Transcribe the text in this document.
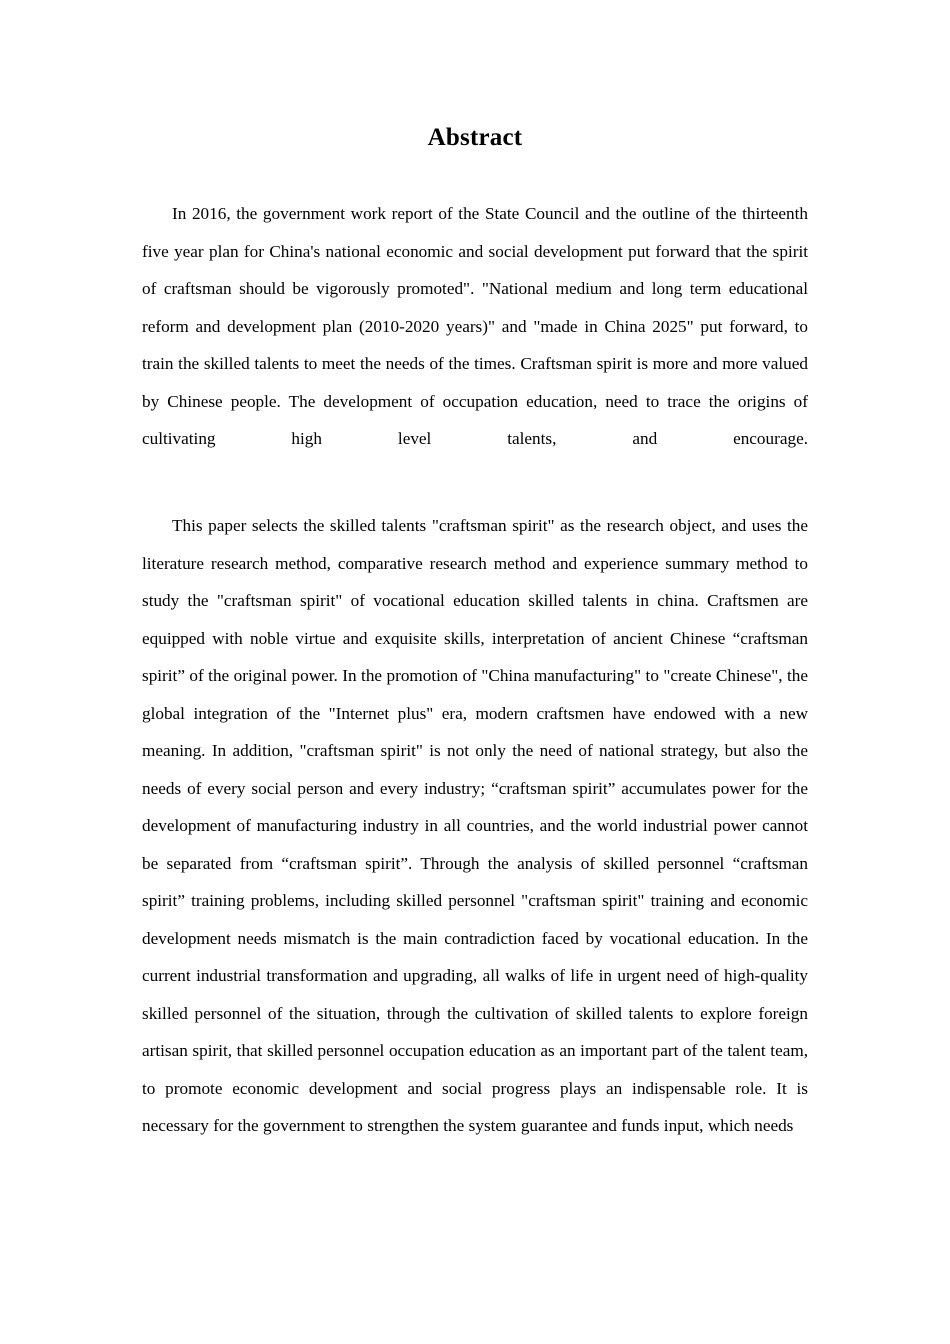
Abstract

In 2016, the government work report of the State Council and the outline of the thirteenth five year plan for China's national economic and social development put forward that the spirit of craftsman should be vigorously promoted". "National medium and long term educational reform and development plan (2010-2020 years)" and "made in China 2025" put forward, to train the skilled talents to meet the needs of the times. Craftsman spirit is more and more valued by Chinese people. The development of occupation education, need to trace the origins of cultivating high level talents, and encourage.

This paper selects the skilled talents "craftsman spirit" as the research object, and uses the literature research method, comparative research method and experience summary method to study the "craftsman spirit" of vocational education skilled talents in china. Craftsmen are equipped with noble virtue and exquisite skills, interpretation of ancient Chinese “craftsman spirit” of the original power. In the promotion of "China manufacturing" to "create Chinese", the global integration of the "Internet plus" era, modern craftsmen have endowed with a new meaning. In addition, "craftsman spirit" is not only the need of national strategy, but also the needs of every social person and every industry; “craftsman spirit” accumulates power for the development of manufacturing industry in all countries, and the world industrial power cannot be separated from “craftsman spirit”. Through the analysis of skilled personnel “craftsman spirit” training problems, including skilled personnel "craftsman spirit" training and economic development needs mismatch is the main contradiction faced by vocational education. In the current industrial transformation and upgrading, all walks of life in urgent need of high-quality skilled personnel of the situation, through the cultivation of skilled talents to explore foreign artisan spirit, that skilled personnel occupation education as an important part of the talent team, to promote economic development and social progress plays an indispensable role. It is necessary for the government to strengthen the system guarantee and funds input, which needs
